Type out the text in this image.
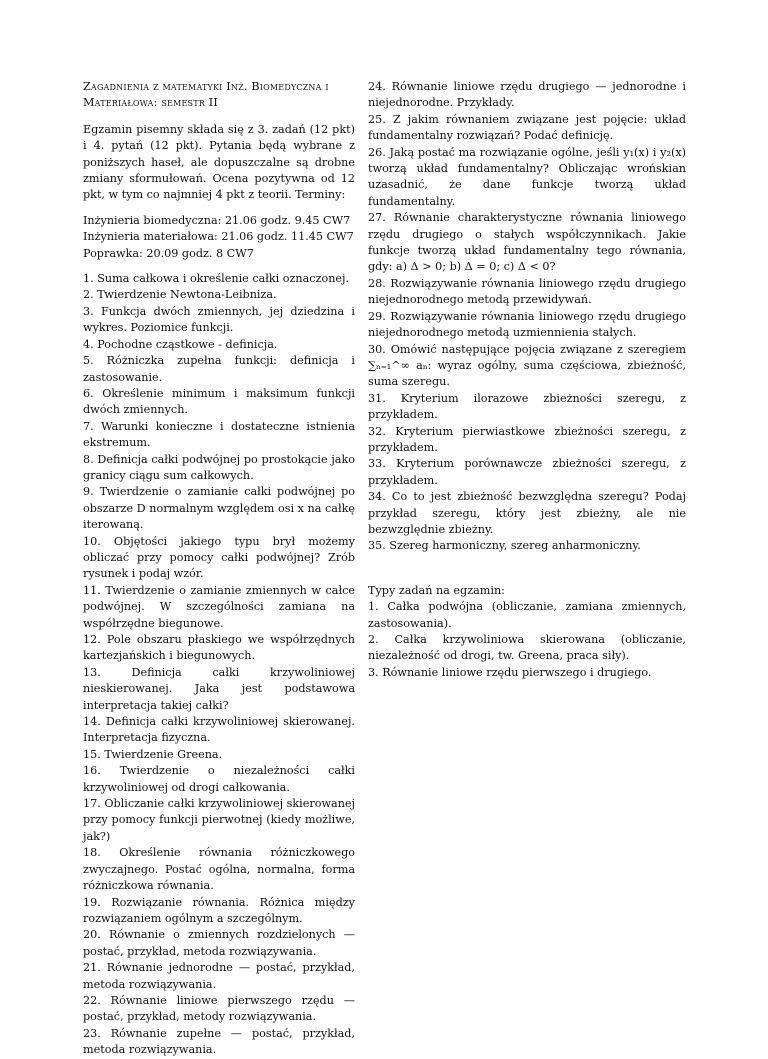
Zagadnienia z matematyki Inż. Biomedyczna i
Materiałowa: semestr II
Egzamin pisemny składa się z 3. zadań (12 pkt) i 4. pytań (12 pkt). Pytania będą wybrane z poniższych haseł, ale dopuszczalne są drobne zmiany sformułowań. Ocena pozytywna od 12 pkt, w tym co najmniej 4 pkt z teorii. Terminy:
Inżynieria biomedyczna: 21.06 godz. 9.45 CW7
Inżynieria materiałowa: 21.06 godz. 11.45 CW7
Poprawka: 20.09 godz. 8 CW7
1. Suma całkowa i określenie całki oznaczonej.
2. Twierdzenie Newtona-Leibniza.
3. Funkcja dwóch zmiennych, jej dziedzina i wykres. Poziomice funkcji.
4. Pochodne cząstkowe - definicja.
5. Różniczka zupełna funkcji: definicja i zastosowanie.
6. Określenie minimum i maksimum funkcji dwóch zmiennych.
7. Warunki konieczne i dostateczne istnienia ekstremum.
8. Definicja całki podwójnej po prostokącie jako granicy ciągu sum całkowych.
9. Twierdzenie o zamianie całki podwójnej po obszarze D normalnym względem osi x na całkę iterowaną.
10. Objętości jakiego typu brył możemy obliczać przy pomocy całki podwójnej? Zrób rysunek i podaj wzór.
11. Twierdzenie o zamianie zmiennych w całce podwójnej. W szczególności zamiana na współrzędne biegunowe.
12. Pole obszaru płaskiego we współrzędnych kartezjańskich i biegunowych.
13. Definicja całki krzywoliniowej nieskierowanej. Jaka jest podstawowa interpretacja takiej całki?
14. Definicja całki krzywoliniowej skierowanej. Interpretacja fizyczna.
15. Twierdzenie Greena.
16. Twierdzenie o niezależności całki krzywoliniowej od drogi całkowania.
17. Obliczanie całki krzywoliniowej skierowanej przy pomocy funkcji pierwotnej (kiedy możliwe, jak?)
18. Określenie równania różniczkowego zwyczajnego. Postać ogólna, normalna, forma różniczkowa równania.
19. Rozwiązanie równania. Różnica między rozwiązaniem ogólnym a szczególnym.
20. Równanie o zmiennych rozdzielonych — postać, przykład, metoda rozwiązywania.
21. Równanie jednorodne — postać, przykład, metoda rozwiązywania.
22. Równanie liniowe pierwszego rzędu — postać, przykład, metody rozwiązywania.
23. Równanie zupełne — postać, przykład, metoda rozwiązywania.
24. Równanie liniowe rzędu drugiego — jednorodne i niejednorodne. Przykłady.
25. Z jakim równaniem związane jest pojęcie: układ fundamentalny rozwiązań? Podać definicję.
26. Jaką postać ma rozwiązanie ogólne, jeśli y₁(x) i y₂(x) tworzą układ fundamentalny? Obliczając wrońskian uzasadnić, że dane funkcje tworzą układ fundamentalny.
27. Równanie charakterystyczne równania liniowego rzędu drugiego o stałych współczynnikach. Jakie funkcje tworzą układ fundamentalny tego równania, gdy: a) Δ > 0; b) Δ = 0; c) Δ < 0?
28. Rozwiązywanie równania liniowego rzędu drugiego niejednorodnego metodą przewidywań.
29. Rozwiązywanie równania liniowego rzędu drugiego niejednorodnego metodą uzmiennienia stałych.
30. Omówić następujące pojęcia związane z szeregiem ∑ₙ₌₁^∞ aₙ: wyraz ogólny, suma częściowa, zbieżność, suma szeregu.
31. Kryterium ilorazowe zbieżności szeregu, z przykładem.
32. Kryterium pierwiastkowe zbieżności szeregu, z przykładem.
33. Kryterium porównawcze zbieżności szeregu, z przykładem.
34. Co to jest zbieżność bezwzględna szeregu? Podaj przykład szeregu, który jest zbieżny, ale nie bezwzględnie zbieżny.
35. Szereg harmoniczny, szereg anharmoniczny.
Typy zadań na egzamin:
1. Całka podwójna (obliczanie, zamiana zmiennych, zastosowania).
2. Całka krzywoliniowa skierowana (obliczanie, niezależność od drogi, tw. Greena, praca siły).
3. Równanie liniowe rzędu pierwszego i drugiego.
